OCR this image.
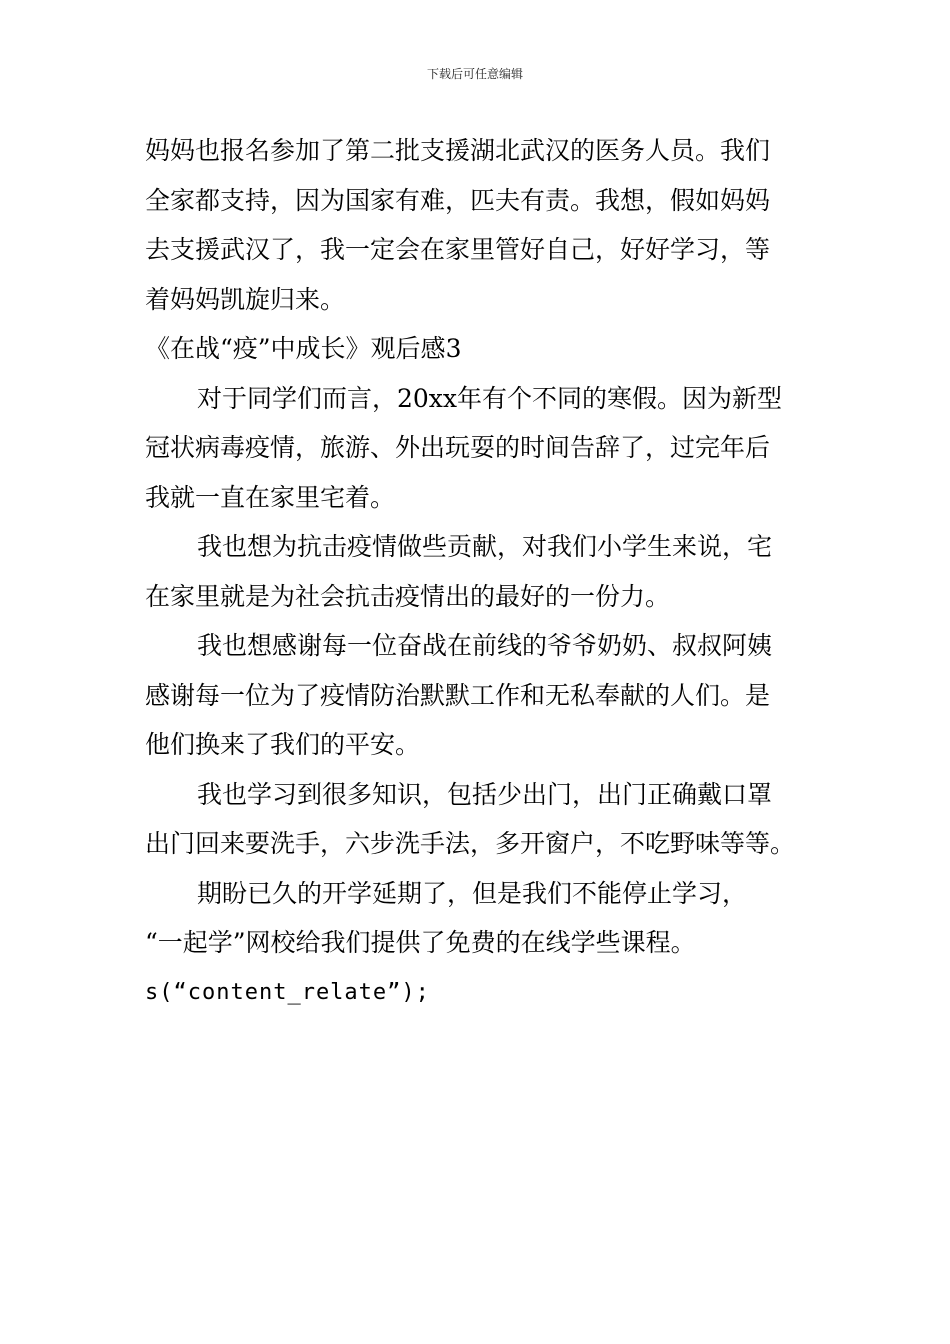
下载后可任意编辑
妈妈也报名参加了第二批支援湖北武汉的医务人员。我们
全家都支持，因为国家有难，匹夫有责。我想，假如妈妈
去支援武汉了，我一定会在家里管好自己，好好学习，等
着妈妈凯旋归来。
《在战“疫”中成长》观后感3
对于同学们而言，20xx年有个不同的寒假。因为新型
冠状病毒疫情，旅游、外出玩耍的时间告辞了，过完年后
我就一直在家里宅着。
我也想为抗击疫情做些贡献，对我们小学生来说，宅
在家里就是为社会抗击疫情出的最好的一份力。
我也想感谢每一位奋战在前线的爷爷奶奶、叔叔阿姨
感谢每一位为了疫情防治默默工作和无私奉献的人们。是
他们换来了我们的平安。
我也学习到很多知识，包括少出门，出门正确戴口罩
出门回来要洗手，六步洗手法，多开窗户，不吃野味等等。
期盼已久的开学延期了，但是我们不能停止学习，
“一起学”网校给我们提供了免费的在线学些课程。
s(“content_relate”);
